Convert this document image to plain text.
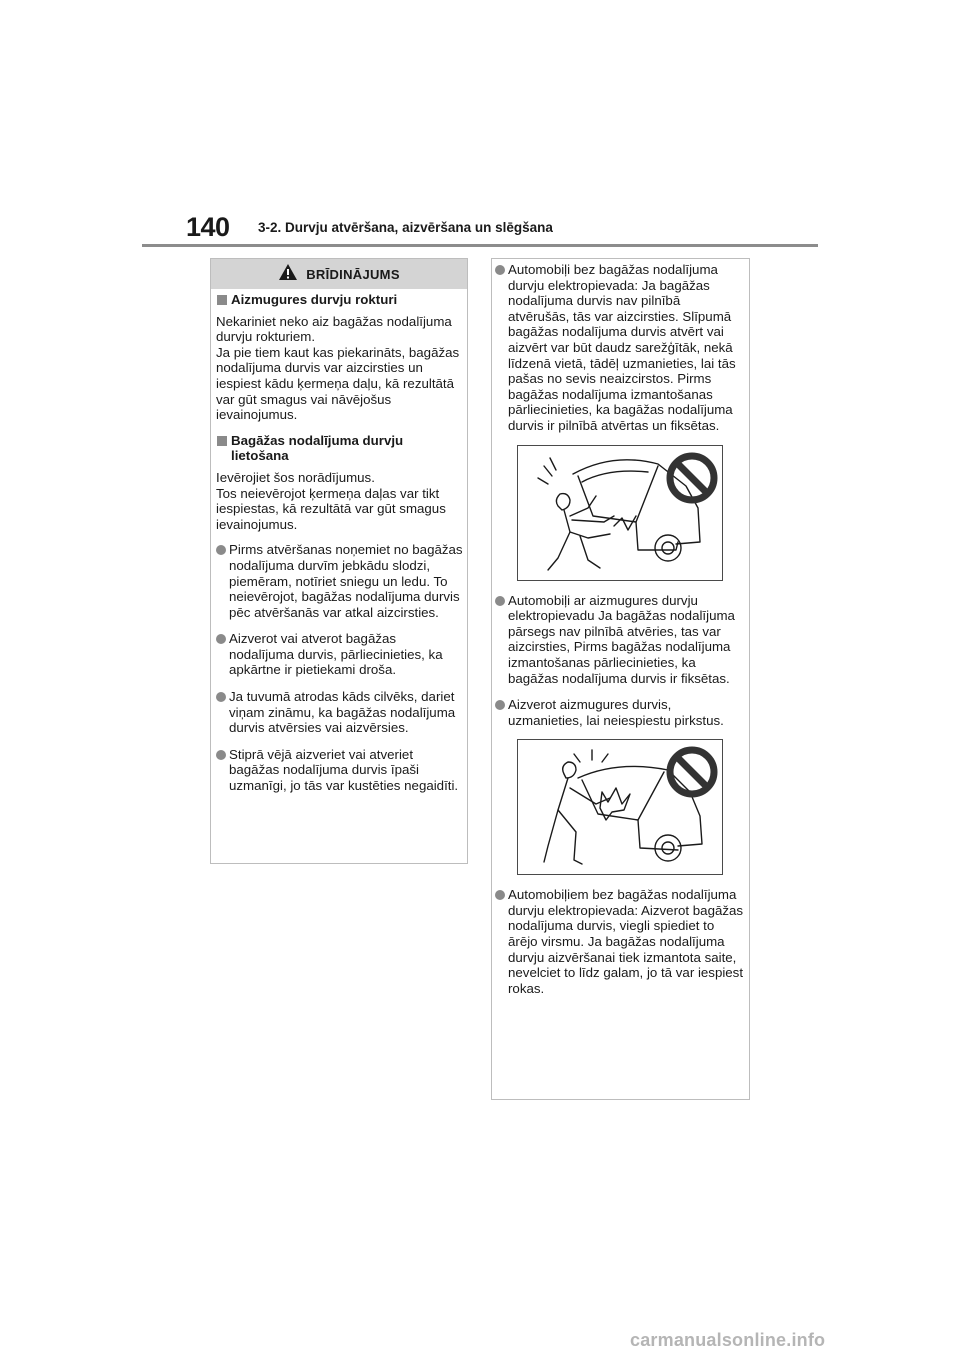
140 3-2. Durvju atvēršana, aizvēršana un slēgšana
BRĪDINĀJUMS
Aizmugures durvju rokturi
Nekariniet neko aiz bagāžas nodalījuma durvju rokturiem.
Ja pie tiem kaut kas piekarināts, bagāžas nodalījuma durvis var aizcirsties un iespiest kādu ķermeņa daļu, kā rezultātā var gūt smagus vai nāvējošus ievainojumus.
Bagāžas nodalījuma durvju lietošana
Ievērojiet šos norādījumus.
Tos neievērojot ķermeņa daļas var tikt iespiestas, kā rezultātā var gūt smagus ievainojumus.
Pirms atvēršanas noņemiet no bagāžas nodalījuma durvīm jebkādu slodzi, piemēram, notīriet sniegu un ledu. To neievērojot, bagāžas nodalījuma durvis pēc atvēršanās var atkal aizcirsties.
Aizverot vai atverot bagāžas nodalījuma durvis, pārliecinieties, ka apkārtne ir pietiekami droša.
Ja tuvumā atrodas kāds cilvēks, dariet viņam zināmu, ka bagāžas nodalījuma durvis atvērsies vai aizvērsies.
Stiprā vējā aizveriet vai atveriet bagāžas nodalījuma durvis īpaši uzmanīgi, jo tās var kustēties negaidīti.
Automobiļi bez bagāžas nodalījuma durvju elektropievada: Ja bagāžas nodalījuma durvis nav pilnībā atvērušās, tās var aizcirsties. Slīpumā bagāžas nodalījuma durvis atvērt vai aizvērt var būt daudz sarežģītāk, nekā līdzenā vietā, tādēļ uzmanieties, lai tās pašas no sevis neaizcirstos. Pirms bagāžas nodalījuma izmantošanas pārliecinieties, ka bagāžas nodalījuma durvis ir pilnībā atvērtas un fiksētas.
Automobiļi ar aizmugures durvju elektropievadu Ja bagāžas nodalījuma pārsegs nav pilnībā atvēries, tas var aizcirsties, Pirms bagāžas nodalījuma izmantošanas pārliecinieties, ka bagāžas nodalījuma durvis ir fiksētas.
Aizverot aizmugures durvis, uzmanieties, lai neiespiestu pirkstus.
Automobiļiem bez bagāžas nodalījuma durvju elektropievada: Aizverot bagāžas nodalījuma durvis, viegli spiediet to ārējo virsmu. Ja bagāžas nodalījuma durvju aizvēršanai tiek izmantota saite, nevelciet to līdz galam, jo tā var iespiest rokas.
carmanualsonline.info
